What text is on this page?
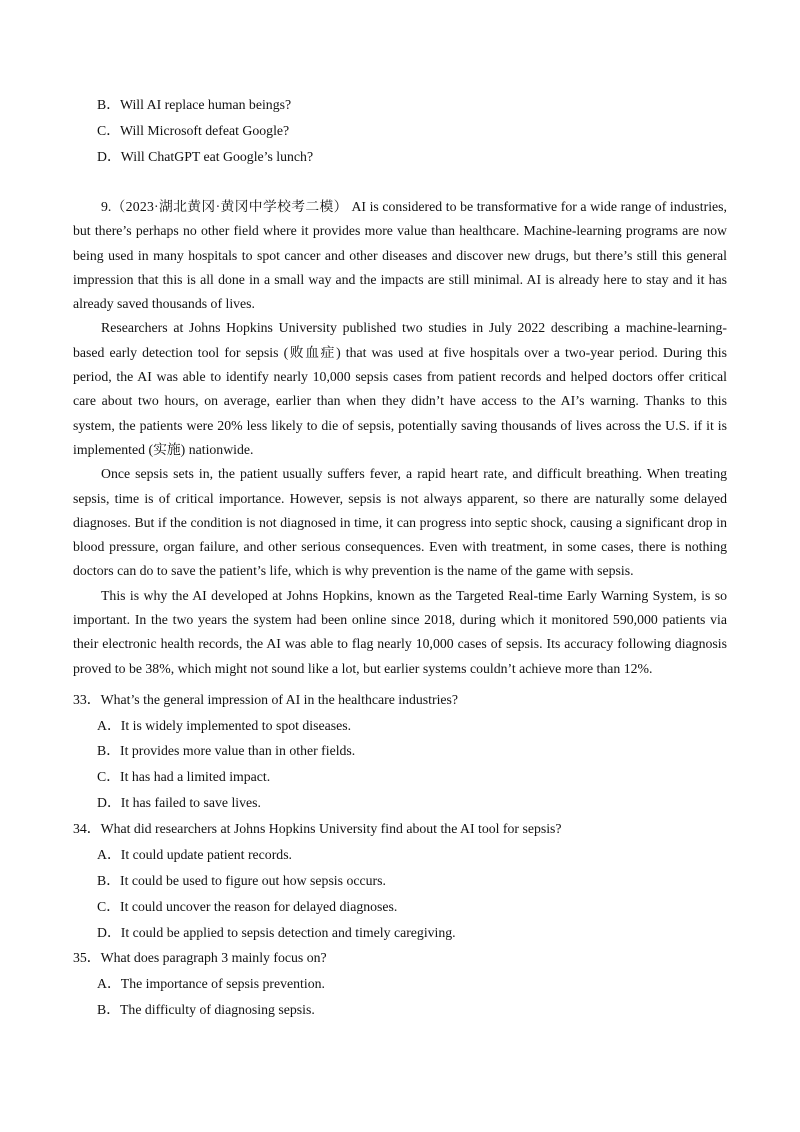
B．Will AI replace human beings?
C．Will Microsoft defeat Google?
D．Will ChatGPT eat Google’s lunch?

9.（2023·湖北黄冈·黄冈中学校考二模） AI is considered to be transformative for a wide range of industries, but there’s perhaps no other field where it provides more value than healthcare. Machine-learning programs are now being used in many hospitals to spot cancer and other diseases and discover new drugs, but there’s still this general impression that this is all done in a small way and the impacts are still minimal. AI is already here to stay and it has already saved thousands of lives.

Researchers at Johns Hopkins University published two studies in July 2022 describing a machine-learning-based early detection tool for sepsis (败血症) that was used at five hospitals over a two-year period. During this period, the AI was able to identify nearly 10,000 sepsis cases from patient records and helped doctors offer critical care about two hours, on average, earlier than when they didn’t have access to the AI’s warning. Thanks to this system, the patients were 20% less likely to die of sepsis, potentially saving thousands of lives across the U.S. if it is implemented (实施) nationwide.

Once sepsis sets in, the patient usually suffers fever, a rapid heart rate, and difficult breathing. When treating sepsis, time is of critical importance. However, sepsis is not always apparent, so there are naturally some delayed diagnoses. But if the condition is not diagnosed in time, it can progress into septic shock, causing a significant drop in blood pressure, organ failure, and other serious consequences. Even with treatment, in some cases, there is nothing doctors can do to save the patient’s life, which is why prevention is the name of the game with sepsis.

This is why the AI developed at Johns Hopkins, known as the Targeted Real-time Early Warning System, is so important. In the two years the system had been online since 2018, during which it monitored 590,000 patients via their electronic health records, the AI was able to flag nearly 10,000 cases of sepsis. Its accuracy following diagnosis proved to be 38%, which might not sound like a lot, but earlier systems couldn’t achieve more than 12%.

33．What’s the general impression of AI in the healthcare industries?
A．It is widely implemented to spot diseases.
B．It provides more value than in other fields.
C．It has had a limited impact.
D．It has failed to save lives.
34．What did researchers at Johns Hopkins University find about the AI tool for sepsis?
A．It could update patient records.
B．It could be used to figure out how sepsis occurs.
C．It could uncover the reason for delayed diagnoses.
D．It could be applied to sepsis detection and timely caregiving.
35．What does paragraph 3 mainly focus on?
A．The importance of sepsis prevention.
B．The difficulty of diagnosing sepsis.
